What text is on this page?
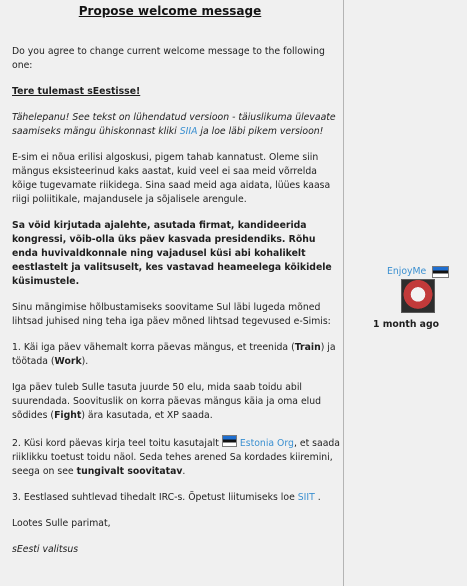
Propose welcome message

Do you agree to change current welcome message to the following one:

Tere tulemast sEestisse!

Tähelepanu! See tekst on lühendatud versioon - täiuslikuma ülevaate saamiseks mängu ühiskonnast kliki SIIA ja loe läbi pikem versioon!

E-sim ei nõua erilisi algoskusi, pigem tahab kannatust. Oleme siin mängus eksisteerinud kaks aastat, kuid veel ei saa meid võrrelda kõige tugevamate riikidega. Sina saad meid aga aidata, lüües kaasa riigi poliitikale, majandusele ja sõjalisele arengule.

Sa võid kirjutada ajalehte, asutada firmat, kandideerida kongressi, võib-olla üks päev kasvada presidendiks. Rõhu enda huvivaldkonnale ning vajadusel küsi abi kohalikelt eestlastelt ja valitsuselt, kes vastavad heameelega kõikidele küsimustele.

Sinu mängimise hõlbustamiseks soovitame Sul läbi lugeda mõned lihtsad juhised ning teha iga päev mõned lihtsad tegevused e-Simis:

1. Käi iga päev vähemalt korra päevas mängus, et treenida (Train) ja töötada (Work).

Iga päev tuleb Sulle tasuta juurde 50 elu, mida saab toidu abil suurendada. Soovituslik on korra päevas mängus käia ja oma elud sõdides (Fight) ära kasutada, et XP saada.

2. Küsi kord päevas kirja teel toitu kasutajalt Estonia Org, et saada riiklikku toetust toidu näol. Seda tehes arened Sa kordades kiiremini, seega on see tungivalt soovitatav.

3. Eestlased suhtlevad tihedalt IRC-s. Õpetust liitumiseks loe SIIT .

Lootes Sulle parimat,

sEesti valitsus

EnjoyMe
1 month ago
